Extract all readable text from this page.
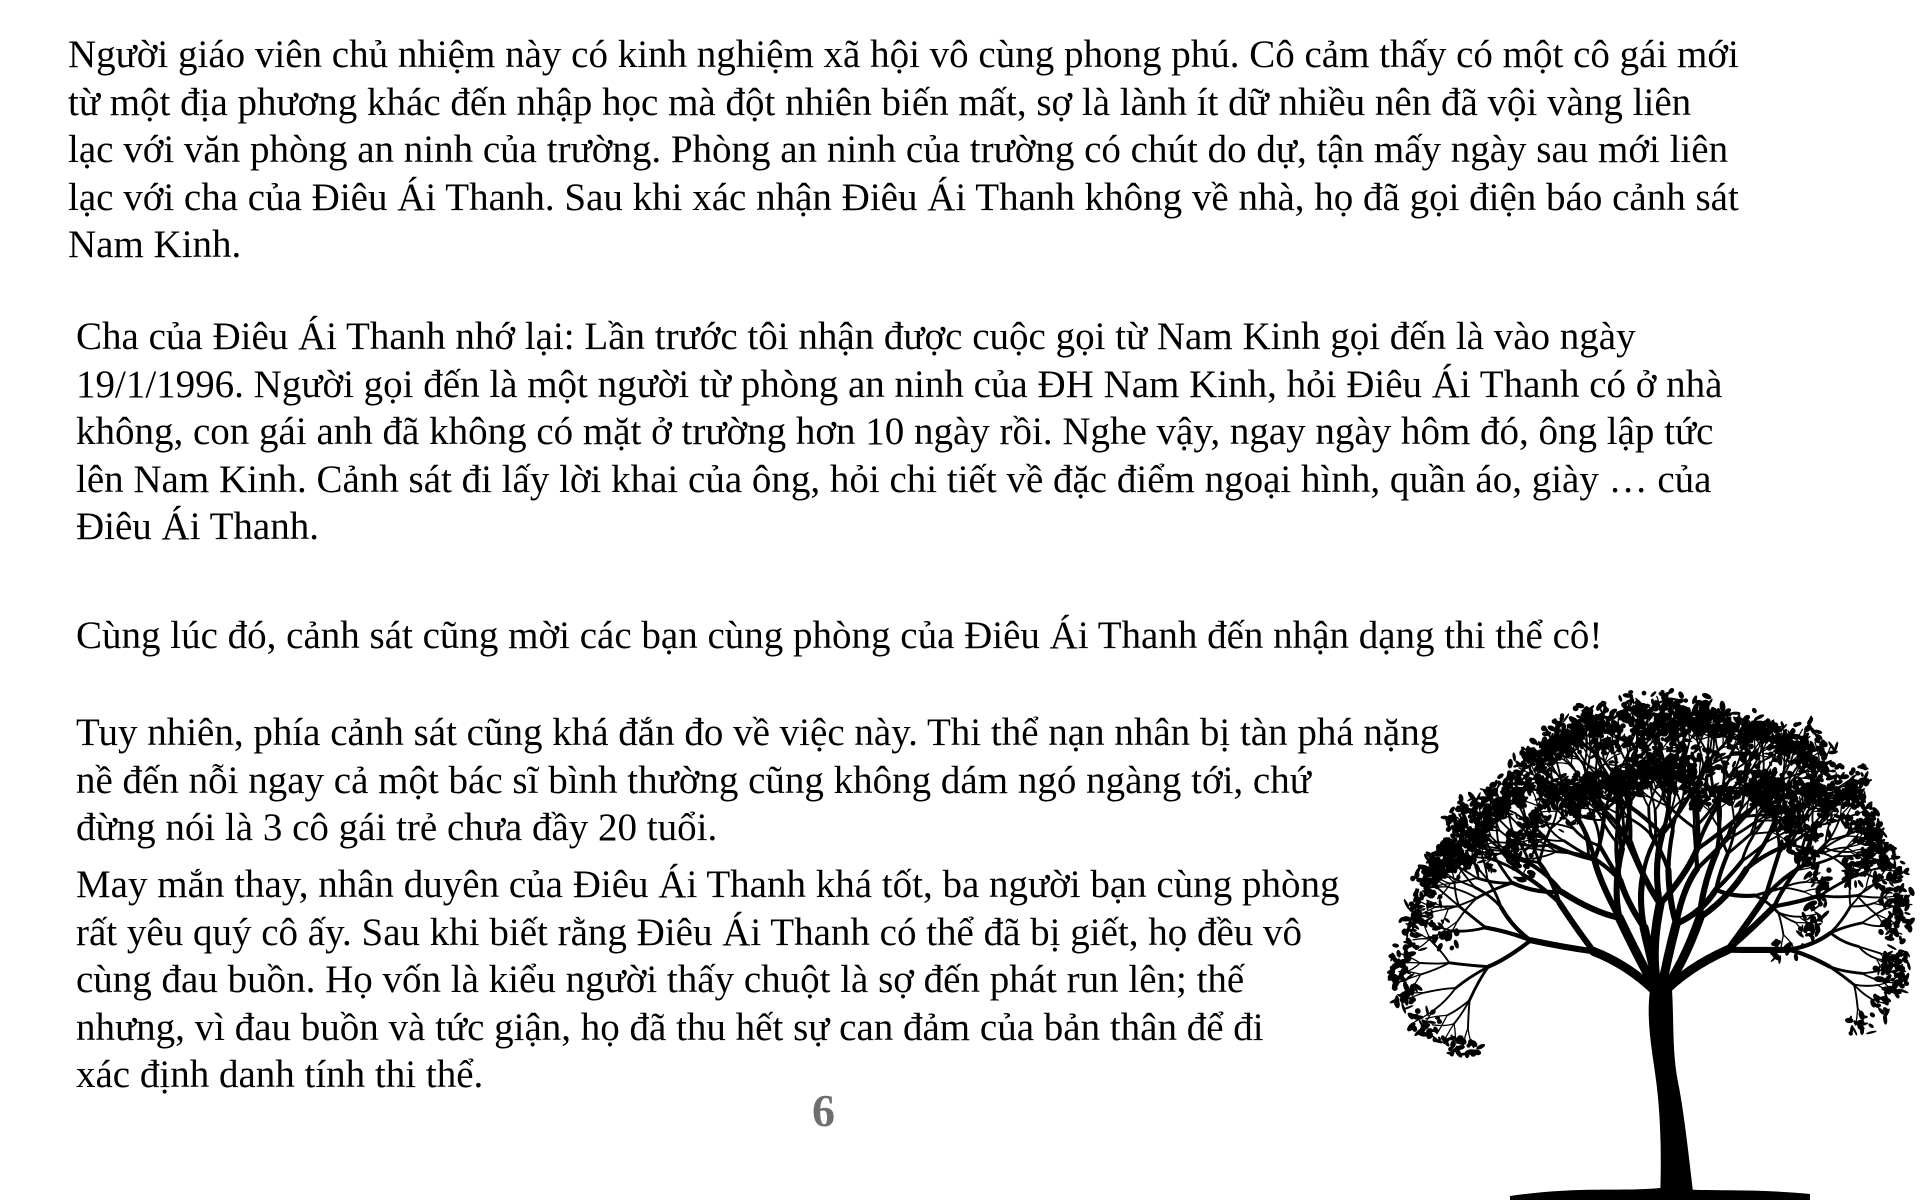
Người giáo viên chủ nhiệm này có kinh nghiệm xã hội vô cùng phong phú. Cô cảm thấy có một cô gái mới
từ một địa phương khác đến nhập học mà đột nhiên biến mất, sợ là lành ít dữ nhiều nên đã vội vàng liên
lạc với văn phòng an ninh của trường. Phòng an ninh của trường có chút do dự, tận mấy ngày sau mới liên
lạc với cha của Điêu Ái Thanh. Sau khi xác nhận Điêu Ái Thanh không về nhà, họ đã gọi điện báo cảnh sát
Nam Kinh.

Cha của Điêu Ái Thanh nhớ lại: Lần trước tôi nhận được cuộc gọi từ Nam Kinh gọi đến là vào ngày
19/1/1996. Người gọi đến là một người từ phòng an ninh của ĐH Nam Kinh, hỏi Điêu Ái Thanh có ở nhà
không, con gái anh đã không có mặt ở trường hơn 10 ngày rồi. Nghe vậy, ngay ngày hôm đó, ông lập tức
lên Nam Kinh. Cảnh sát đi lấy lời khai của ông, hỏi chi tiết về đặc điểm ngoại hình, quần áo, giày … của
Điêu Ái Thanh.

Cùng lúc đó, cảnh sát cũng mời các bạn cùng phòng của Điêu Ái Thanh đến nhận dạng thi thể cô!

Tuy nhiên, phía cảnh sát cũng khá đắn đo về việc này. Thi thể nạn nhân bị tàn phá nặng
nề đến nỗi ngay cả một bác sĩ bình thường cũng không dám ngó ngàng tới, chứ
đừng nói là 3 cô gái trẻ chưa đầy 20 tuổi.

May mắn thay, nhân duyên của Điêu Ái Thanh khá tốt, ba người bạn cùng phòng
rất yêu quý cô ấy. Sau khi biết rằng Điêu Ái Thanh có thể đã bị giết, họ đều vô
cùng đau buồn. Họ vốn là kiểu người thấy chuột là sợ đến phát run lên; thế
nhưng, vì đau buồn và tức giận, họ đã thu hết sự can đảm của bản thân để đi
xác định danh tính thi thể.

6
